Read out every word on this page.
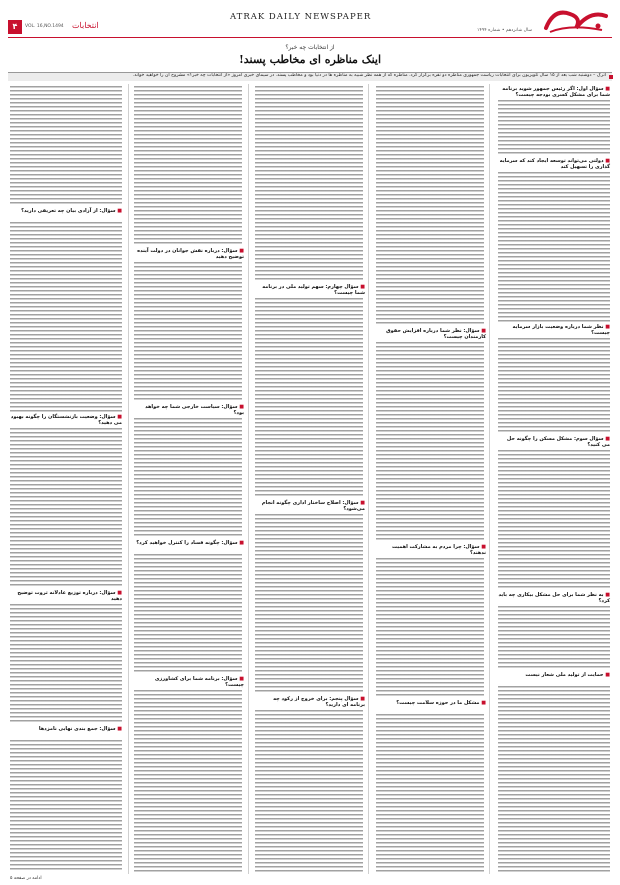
ATRAK DAILY NEWSPAPER
سال شانزدهم • شماره ۱۴۹۴
۴	VOL. 16,NO.1494 انتخابات
از انتخابات چه خبر؟
اینک مناظره ای مخاطب پسند!
اترک – دوشنبه شب بعد از ۱۵ سال تلویزیون برای انتخابات ریاست جمهوری مناظره دو نفره برگزار کرد. مناظره که از همه نظر شبیه به مناظره ها در دنیا بود و مخاطب پسند. در سیمای خبری امروز «از انتخابات چه خبر؟» مشروح آن را خواهید خواند.
■ سؤال اول: اگر رئیس جمهور شوید برنامه شما برای مشکل کسری بودجه چیست؟
■ دولتی می‌تواند توسعه ایجاد کند که سرمایه گذاری را تسهیل کند
■ نظر شما درباره وضعیت بازار سرمایه چیست؟
■ سؤال سوم: مشکل مسکن را چگونه حل می کنید؟
■ به نظر شما برای حل مشکل بیکاری چه باید کرد؟
■ حمایت از تولید ملی شعار نیست
■ سؤال: نظر شما درباره افزایش حقوق کارمندان چیست؟
■ سؤال: چرا مردم به مشارکت اهمیت ندهند؟
■ مشکل ما در حوزه سلامت چیست؟
■ سؤال چهارم: سهم تولید ملی در برنامه شما چیست؟
■ سؤال: اصلاح ساختار اداری چگونه انجام می‌شود؟
■ سؤال پنجم: برای خروج از رکود چه برنامه ای دارید؟
■ سؤال: درباره نقش جوانان در دولت آینده توضیح دهید
■ سؤال: سیاست خارجی شما چه خواهد بود؟
■ سؤال: چگونه فساد را کنترل خواهید کرد؟
■ سؤال: برنامه شما برای کشاورزی چیست؟
■ سؤال: از آزادی بیان چه تعریفی دارید؟
■ سؤال: وضعیت بازنشستگان را چگونه بهبود می دهید؟
■ سؤال: درباره توزیع عادلانه ثروت توضیح دهید
■ سؤال: جمع بندی نهایی نامزدها
ادامه در صفحه ۵
